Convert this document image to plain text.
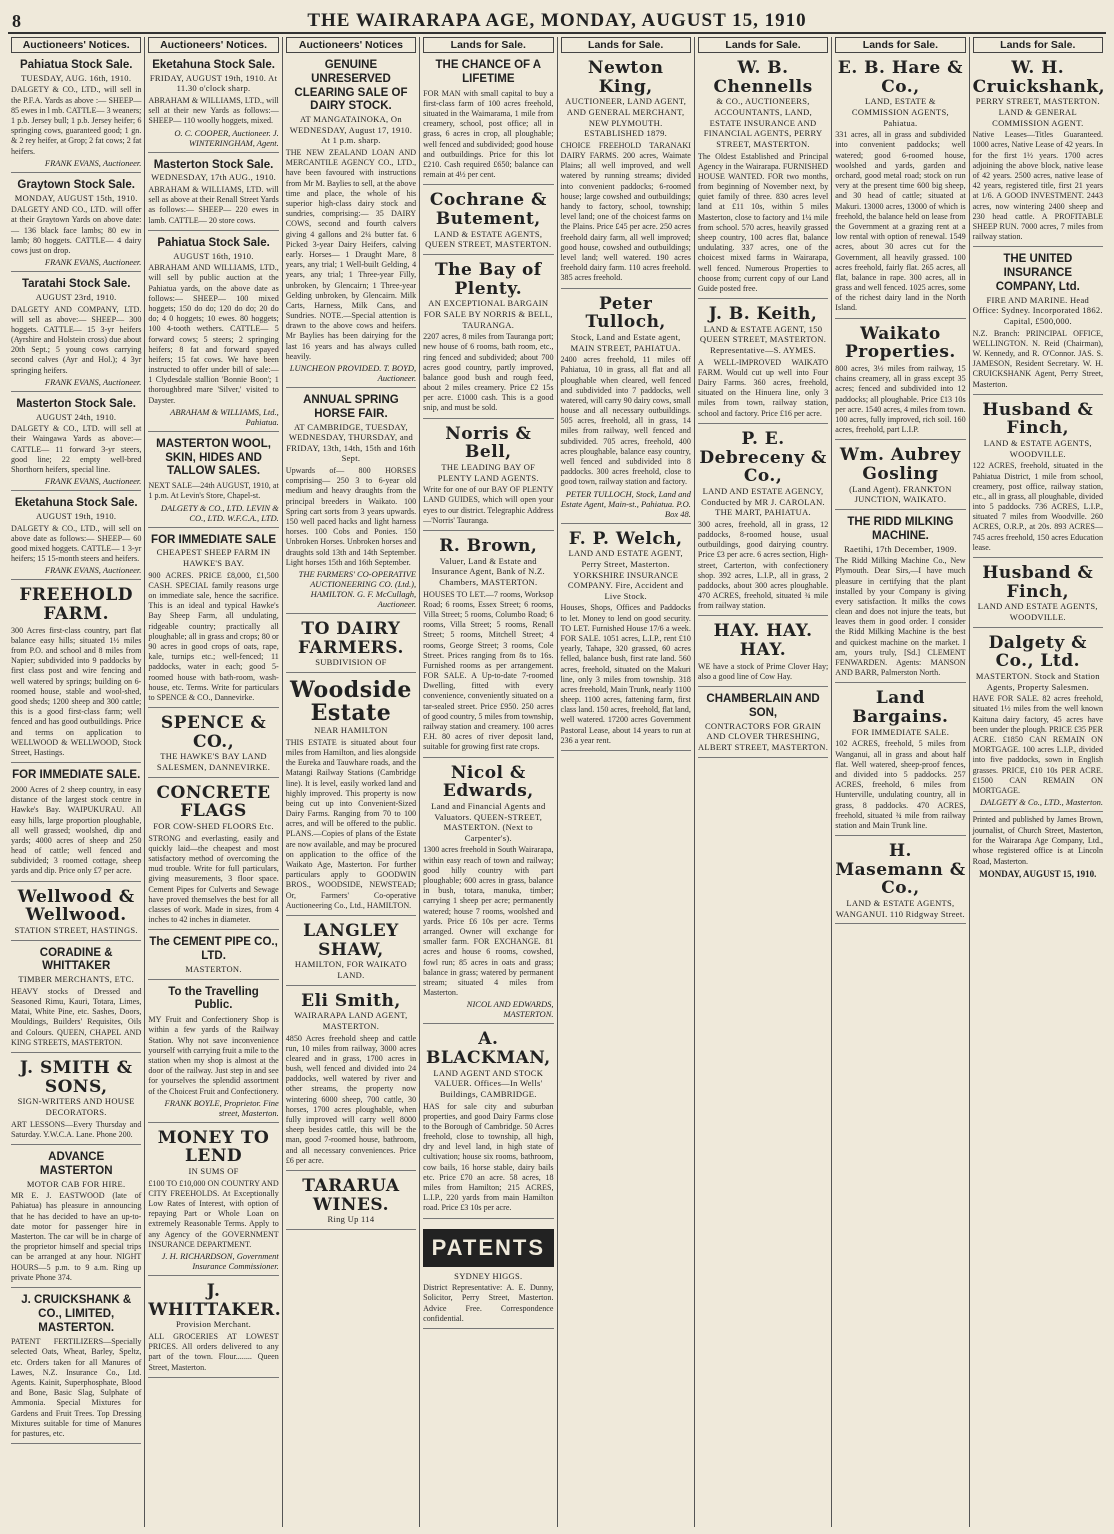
8	THE WAIRARAPA AGE, MONDAY, AUGUST 15, 1910
Auctioneers' Notices.
Pahiatua Stock Sale.
TUESDAY, AUG. 16th, 1910.
DALGETY & CO., LTD., will sell in the P.F.A. Yards as above :— SHEEP— 85 ewes in l mb. CATTLE— 3 weaners; 1 p.b. Jersey bull; 1 p.b. Jersey heifer; 6 springing cows, guaranteed good; 1 gn. & 2 rey heifer, at Grop; 2 fat cows; 2 fat heifers.
FRANK EVANS, Auctioneer.
Graytown Stock Sale.
MONDAY, AUGUST 15th, 1910.
DALGETY AND CO., LTD. will offer at their Graytown Yards on above date:— 136 black face lambs; 80 ew in lamb; 80 hoggets. CATTLE— 4 dairy cows just on drop.
FRANK EVANS, Auctioneer.
Taratahi Stock Sale.
AUGUST 23rd, 1910.
DALGETY AND COMPANY, LTD. will sell as above:— SHEEP— 300 hoggets. CATTLE— 15 3-yr heifers (Ayrshire and Holstein cross) due about 20th Sept.; 5 young cows carrying second calves (Ayr and Hol.); 4 3yr springing heifers.
FRANK EVANS, Auctioneer.
Masterton Stock Sale.
AUGUST 24th, 1910.
DALGETY & CO., LTD. will sell at their Waingawa Yards as above:— CATTLE— 11 forward 3-yr steers, good line; 22 empty well-bred Shorthorn heifers, special line.
FRANK EVANS, Auctioneer.
Eketahuna Stock Sale.
AUGUST 19th, 1910.
DALGETY & CO., LTD., will sell on above date as follows:— SHEEP— 60 good mixed hoggets. CATTLE— 1 3-yr heifers; 15 15-month steers and heifers.
FRANK EVANS, Auctioneer.
FREEHOLD FARM.
300 Acres first-class country, part flat balance easy hills; situated 1½ miles from P.O. and school and 8 miles from Napier; subdivided into 9 paddocks by first class post and wire fencing and well watered by springs; building on 6-roomed house, stable and wool-shed, good sheds; 1200 sheep and 300 cattle; this is a good first-class farm; well fenced and has good outbuildings. Price and terms on application to WELLWOOD & WELLWOOD, Stock Street, Hastings.
FOR IMMEDIATE SALE.
2000 Acres of 2 sheep country, in easy distance of the largest stock centre in Hawke's Bay. WAIPUKURAU. All easy hills, large proportion ploughable, all well grassed; woolshed, dip and yards; 4000 acres of sheep and 250 head of cattle; well fenced and subdivided; 3 roomed cottage, sheep yards and dip. Price only £7 per acre.
Wellwood & Wellwood.
STATION STREET, HASTINGS.
CORADINE & WHITTAKER
TIMBER MERCHANTS, ETC.
HEAVY stocks of Dressed and Seasoned Rimu, Kauri, Totara, Limes, Matai, White Pine, etc. Sashes, Doors, Mouldings, Builders' Requisites, Oils and Colours. QUEEN, CHAPEL AND KING STREETS, MASTERTON.
J. SMITH & SONS,
SIGN-WRITERS AND HOUSE DECORATORS.
ART LESSONS—Every Thursday and Saturday. Y.W.C.A. Lane. Phone 200.
ADVANCE MASTERTON
MOTOR CAB FOR HIRE.
MR E. J. EASTWOOD (late of Pahiatua) has pleasure in announcing that he has decided to have an up-to-date motor for passenger hire in Masterton. The car will be in charge of the proprietor himself and special trips can be arranged at any hour. NIGHT HOURS—5 p.m. to 9 a.m. Ring up private Phone 374.
J. CRUICKSHANK & CO., LIMITED, MASTERTON.
PATENT FERTILIZERS—Specially selected Oats, Wheat, Barley, Speltz, etc. Orders taken for all Manures of Lawes, N.Z. Insurance Co., Ltd. Agents. Kainit, Superphosphate, Blood and Bone, Basic Slag, Sulphate of Ammonia. Special Mixtures for Gardens and Fruit Trees. Top Dressing Mixtures suitable for time of Manures for pastures, etc.
Auctioneers' Notices.
Eketahuna Stock Sale.
FRIDAY, AUGUST 19th, 1910. At 11.30 o'clock sharp.
ABRAHAM & WILLIAMS, LTD., will sell at their new Yards as follows:— SHEEP— 110 woolly hoggets, mixed.
O. C. COOPER, Auctioneer. J. WINTERINGHAM, Agent.
Masterton Stock Sale.
WEDNESDAY, 17th AUG., 1910.
ABRAHAM & WILLIAMS, LTD. will sell as above at their Renall Street Yards as follows:— SHEEP— 220 ewes in lamb. CATTLE— 20 store cows.
Pahiatua Stock Sale.
AUGUST 16th, 1910.
ABRAHAM AND WILLIAMS, LTD., will sell by public auction at the Pahiatua yards, on the above date as follows:— SHEEP— 100 mixed hoggets; 150 do do; 120 do do; 20 do do; 4 0 hoggets; 10 ewes. 80 hoggets; 100 4-tooth wethers. CATTLE— 5 forward cows; 5 steers; 2 springing heifers; 8 fat and forward spayed heifers; 15 fat cows. We have been instructed to offer under bill of sale:— 1 Clydesdale stallion 'Bonnie Boon'; 1 thoroughbred mare 'Silver,' visited to Dayster.
ABRAHAM & WILLIAMS, Ltd., Pahiatua.
MASTERTON WOOL, SKIN, HIDES AND TALLOW SALES.
NEXT SALE—24th AUGUST, 1910, at 1 p.m. At Levin's Store, Chapel-st.
DALGETY & CO., LTD. LEVIN & CO., LTD. W.F.C.A., LTD.
FOR IMMEDIATE SALE
CHEAPEST SHEEP FARM IN HAWKE'S BAY.
900 ACRES. PRICE £8,000, £1,500 CASH. SPECIAL family reasons urge on immediate sale, hence the sacrifice. This is an ideal and typical Hawke's Bay Sheep Farm, all undulating, ridgeable country; practically all ploughable; all in grass and crops; 80 or 90 acres in good crops of oats, rape, kale, turnips etc.; well-fenced; 11 paddocks, water in each; good 5-roomed house with bath-room, wash-house, etc. Terms. Write for particulars to SPENCE & CO., Dannevirke.
SPENCE & CO.,
THE HAWKE'S BAY LAND SALESMEN, DANNEVIRKE.
CONCRETE FLAGS
FOR COW-SHED FLOORS Etc.
STRONG and everlasting, easily and quickly laid—the cheapest and most satisfactory method of overcoming the mud trouble. Write for full particulars, giving measurements, 3 floor space. Cement Pipes for Culverts and Sewage have proved themselves the best for all classes of work. Made in sizes, from 4 inches to 42 inches in diameter.
The CEMENT PIPE CO., LTD.
MASTERTON.
To the Travelling Public.
MY Fruit and Confectionery Shop is within a few yards of the Railway Station. Why not save inconvenience yourself with carrying fruit a mile to the station when my shop is almost at the door of the railway. Just step in and see for yourselves the splendid assortment of the Choicest Fruit and Confectionery.
FRANK BOYLE, Proprietor. Fine street, Masterton.
MONEY TO LEND
IN SUMS OF
£100 TO £10,000 ON COUNTRY AND CITY FREEHOLDS. At Exceptionally Low Rates of Interest, with option of repaying Part or Whole Loan on extremely Reasonable Terms. Apply to any Agency of the GOVERNMENT INSURANCE DEPARTMENT.
J. H. RICHARDSON, Government Insurance Commissioner.
J. WHITTAKER.
Provision Merchant.
ALL GROCERIES AT LOWEST PRICES. All orders delivered to any part of the town. Flour........ Queen Street, Masterton.
Auctioneers' Notices
GENUINE UNRESERVED CLEARING SALE OF DAIRY STOCK.
AT MANGATAINOKA, On WEDNESDAY, August 17, 1910. At 1 p.m. sharp.
THE NEW ZEALAND LOAN AND MERCANTILE AGENCY CO., LTD., have been favoured with instructions from Mr M. Baylies to sell, at the above time and place, the whole of his superior high-class dairy stock and sundries, comprising:— 35 DAIRY COWS, second and fourth calvers giving 4 gallons and 2¼ butter fat. 6 Picked 3-year Dairy Heifers, calving early. Horses— 1 Draught Mare, 8 years, any trial; 1 Well-built Gelding, 4 years, any trial; 1 Three-year Filly, unbroken, by Glencairn; 1 Three-year Gelding unbroken, by Glencairn. Milk Carts, Harness, Milk Cans, and Sundries. NOTE.—Special attention is drawn to the above cows and heifers. Mr Baylies has been dairying for the last 16 years and has always culled heavily.
LUNCHEON PROVIDED. T. BOYD, Auctioneer.
ANNUAL SPRING HORSE FAIR.
AT CAMBRIDGE, TUESDAY, WEDNESDAY, THURSDAY, and FRIDAY, 13th, 14th, 15th and 16th Sept.
Upwards of— 800 HORSES comprising— 250 3 to 6-year old medium and heavy draughts from the principal breeders in Waikato. 100 Spring cart sorts from 3 years upwards. 150 well paced hacks and light harness horses. 100 Cobs and Ponies. 150 Unbroken Horses. Unbroken horses and draughts sold 13th and 14th September. Light horses 15th and 16th September.
THE FARMERS' CO-OPERATIVE AUCTIONEERING CO. (Ltd.), HAMILTON. G. F. McCullagh, Auctioneer.
TO DAIRY FARMERS.
SUBDIVISION OF
Woodside Estate
NEAR HAMILTON
THIS ESTATE is situated about four miles from Hamilton, and lies alongside the Eureka and Tauwhare roads, and the Matangi Railway Stations (Cambridge line). It is level, easily worked land and highly improved. This property is now being cut up into Convenient-Sized Dairy Farms. Ranging from 70 to 100 acres, and will be offered to the public. PLANS.—Copies of plans of the Estate are now available, and may be procured on application to the office of the Waikato Age, Masterton. For further particulars apply to GOODWIN BROS., WOODSIDE, NEWSTEAD; Or, Farmers' Co-operative Auctioneering Co., Ltd., HAMILTON.
LANGLEY SHAW,
HAMILTON, FOR WAIKATO LAND.
Eli Smith,
WAIRARAPA LAND AGENT, MASTERTON.
4850 Acres freehold sheep and cattle run, 10 miles from railway, 3000 acres cleared and in grass, 1700 acres in bush, well fenced and divided into 24 paddocks, well watered by river and other streams, the property now wintering 6000 sheep, 700 cattle, 30 horses, 1700 acres ploughable, when fully improved will carry well 8000 sheep besides cattle, this will be the man, good 7-roomed house, bathroom, and all necessary conveniences. Price £6 per acre.
TARARUA WINES.
Ring Up 114
Lands for Sale.
THE CHANCE OF A LIFETIME
FOR MAN with small capital to buy a first-class farm of 100 acres freehold, situated in the Waimarama, 1 mile from creamery, school, post office; all in grass, 6 acres in crop, all ploughable; well fenced and subdivided; good house and outbuildings. Price for this lot £210. Cash required £650; balance can remain at 4½ per cent.
Cochrane & Butement,
LAND & ESTATE AGENTS, QUEEN STREET, MASTERTON.
The Bay of Plenty.
AN EXCEPTIONAL BARGAIN FOR SALE BY NORRIS & BELL, TAURANGA.
2207 acres, 8 miles from Tauranga port; new house of 6 rooms, bath room, etc., ring fenced and subdivided; about 700 acres good country, partly improved, balance good bush and rough feed, about 2 miles creamery. Price £2 15s per acre. £1000 cash. This is a good snip, and must be sold.
Norris & Bell,
THE LEADING BAY OF PLENTY LAND AGENTS.
Write for one of our BAY OF PLENTY LAND GUIDES, which will open your eyes to our district. Telegraphic Address—'Norris' Tauranga.
R. Brown,
Valuer, Land & Estate and Insurance Agent, Bank of N.Z. Chambers, MASTERTON.
HOUSES TO LET.—7 rooms, Worksop Road; 6 rooms, Essex Street; 6 rooms, Villa Street; 5 rooms, Columbo Road; 6 rooms, Villa Street; 5 rooms, Renall Street; 5 rooms, Mitchell Street; 4 rooms, George Street; 3 rooms, Cole Street. Prices ranging from 8s to 16s. Furnished rooms as per arrangement. FOR SALE. A Up-to-date 7-roomed Dwelling, fitted with every convenience, conveniently situated on a tar-sealed street. Price £950. 250 acres of good country, 5 miles from township, railway station and creamery. 100 acres F.H. 80 acres of river deposit land, suitable for growing first rate crops.
Nicol & Edwards,
Land and Financial Agents and Valuators. QUEEN-STREET, MASTERTON. (Next to Carpenter's).
1300 acres freehold in South Wairarapa, within easy reach of town and railway; good hilly country with part ploughable; 600 acres in grass, balance in bush, totara, manuka, timber; carrying 1 sheep per acre; permanently watered; house 7 rooms, woolshed and yards. Price £6 10s per acre. Terms arranged. Owner will exchange for smaller farm. FOR EXCHANGE. 81 acres and house 6 rooms, cowshed, fowl run; 85 acres in oats and grass; balance in grass; watered by permanent stream; situated 4 miles from Masterton.
NICOL AND EDWARDS, MASTERTON.
A. BLACKMAN,
LAND AGENT AND STOCK VALUER. Offices—In Wells' Buildings, CAMBRIDGE.
HAS for sale city and suburban properties, and good Dairy Farms close to the Borough of Cambridge. 50 Acres freehold, close to township, all high, dry and level land, in high state of cultivation; house six rooms, bathroom, cow bails, 16 horse stable, dairy bails etc. Price £70 an acre. 58 acres, 18 miles from Hamilton; 215 ACRES, L.I.P., 220 yards from main Hamilton road. Price £3 10s per acre.
PATENTS
SYDNEY HIGGS.
District Representative: A. E. Dunny, Solicitor, Perry Street, Masterton. Advice Free. Correspondence confidential.
Lands for Sale.
Newton King,
AUCTIONEER, LAND AGENT, AND GENERAL MERCHANT, NEW PLYMOUTH. ESTABLISHED 1879.
CHOICE FREEHOLD TARANAKI DAIRY FARMS. 200 acres, Waimate Plains; all well improved, and well watered by running streams; divided into convenient paddocks; 6-roomed house; large cowshed and outbuildings; handy to factory, school, township; level land; one of the choicest farms on the Plains. Price £45 per acre. 250 acres freehold dairy farm, all well improved; good house, cowshed and outbuildings; level land; well watered. 190 acres freehold dairy farm. 110 acres freehold. 385 acres freehold.
Peter Tulloch,
Stock, Land and Estate agent, MAIN STREET, PAHIATUA.
2400 acres freehold, 11 miles off Pahiatua, 10 in grass, all flat and all ploughable when cleared, well fenced and subdivided into 7 paddocks, well watered, will carry 90 dairy cows, small house and all necessary outbuildings. 505 acres, freehold, all in grass, 14 miles from railway, well fenced and subdivided. 705 acres, freehold, 400 acres ploughable, balance easy country, well fenced and subdivided into 8 paddocks. 300 acres freehold, close to good town, railway station and factory.
PETER TULLOCH, Stock, Land and Estate Agent, Main-st., Pahiatua. P.O. Box 48.
F. P. Welch,
LAND AND ESTATE AGENT, Perry Street, Masterton. YORKSHIRE INSURANCE COMPANY. Fire, Accident and Live Stock.
Houses, Shops, Offices and Paddocks to let. Money to lend on good security. TO LET. Furnished House 17/6 a week. FOR SALE. 1051 acres, L.I.P., rent £10 yearly, Tahape, 320 grassed, 60 acres felled, balance bush, first rate land. 560 acres, freehold, situated on the Makuri line, only 3 miles from township. 318 acres freehold, Main Trunk, nearly 1100 sheep. 1100 acres, fattening farm, first class land. 150 acres, freehold, flat land, well watered. 17200 acres Government Pastoral Lease, about 14 years to run at 236 a year rent.
Lands for Sale.
W. B. Chennells
& CO., AUCTIONEERS, ACCOUNTANTS, LAND, ESTATE INSURANCE AND FINANCIAL AGENTS, PERRY STREET, MASTERTON.
The Oldest Established and Principal Agency in the Wairarapa. FURNISHED HOUSE WANTED. FOR two months, from beginning of November next, by quiet family of three. 830 acres level land at £11 10s, within 5 miles Masterton, close to factory and 1¼ mile from school. 570 acres, heavily grassed sheep country, 100 acres flat, balance undulating. 337 acres, one of the choicest mixed farms in Wairarapa, well fenced. Numerous Properties to choose from; current copy of our Land Guide posted free.
J. B. Keith,
LAND & ESTATE AGENT, 150 QUEEN STREET, MASTERTON. Representative—S. AYMES.
A WELL-IMPROVED WAIKATO FARM. Would cut up well into Four Dairy Farms. 360 acres, freehold, situated on the Hinuera line, only 3 miles from town, railway station, school and factory. Price £16 per acre.
P. E. Debreceny & Co.,
LAND AND ESTATE AGENCY, Conducted by MR J. CAROLAN. THE MART, PAHIATUA.
300 acres, freehold, all in grass, 12 paddocks, 8-roomed house, usual outbuildings, good dairying country. Price £3 per acre. 6 acres section, High-street, Carterton, with confectionery shop. 392 acres, L.I.P., all in grass, 2 paddocks, about 300 acres ploughable. 470 ACRES, freehold, situated ¾ mile from railway station.
HAY. HAY. HAY.
WE have a stock of Prime Clover Hay; also a good line of Cow Hay.
CHAMBERLAIN AND SON,
CONTRACTORS FOR GRAIN AND CLOVER THRESHING, ALBERT STREET, MASTERTON.
Lands for Sale.
E. B. Hare & Co.,
LAND, ESTATE & COMMISSION AGENTS, Pahiatua.
331 acres, all in grass and subdivided into convenient paddocks; well watered; good 6-roomed house, woolshed and yards, garden and orchard, good metal road; stock on run very at the present time 600 big sheep, and 30 head of cattle; situated at Makuri. 13000 acres, 13000 of which is freehold, the balance held on lease from the Government at a grazing rent at a low rental with option of renewal. 1549 acres, about 30 acres cut for the Government, all heavily grassed. 100 acres freehold, fairly flat. 265 acres, all flat, balance in rape. 300 acres, all in grass and well fenced. 1025 acres, some of the richest dairy land in the North Island.
Waikato Properties.
800 acres, 3½ miles from railway, 15 chains creamery, all in grass except 35 acres; fenced and subdivided into 12 paddocks; all ploughable. Price £13 10s per acre. 1540 acres, 4 miles from town. 100 acres, fully improved, rich soil. 160 acres, freehold, part L.I.P.
Wm. Aubrey Gosling
(Land Agent). FRANKTON JUNCTION, WAIKATO.
THE RIDD MILKING MACHINE.
Raetihi, 17th December, 1909.
The Ridd Milking Machine Co., New Plymouth. Dear Sirs,—I have much pleasure in certifying that the plant installed by your Company is giving every satisfaction. It milks the cows clean and does not injure the teats, but leaves them in good order. I consider the Ridd Milking Machine is the best and quickest machine on the market. I am, yours truly, [Sd.] CLEMENT FENWARDEN. Agents: MANSON AND BARR, Palmerston North.
Land Bargains.
FOR IMMEDIATE SALE.
102 ACRES, freehold, 5 miles from Wanganui, all in grass and about half flat. Well watered, sheep-proof fences, and divided into 5 paddocks. 257 ACRES, freehold, 6 miles from Hunterville, undulating country, all in grass, 8 paddocks. 470 ACRES, freehold, situated ¾ mile from railway station and Main Trunk line.
H. Masemann & Co.,
LAND & ESTATE AGENTS, WANGANUI. 110 Ridgway Street.
Lands for Sale.
W. H. Cruickshank,
PERRY STREET, MASTERTON. LAND & GENERAL COMMISSION AGENT.
Native Leases—Titles Guaranteed. 1000 acres, Native Lease of 42 years. In for the first 1½ years. 1700 acres adjoining the above block, native lease of 42 years. 2500 acres, native lease of 42 years, registered title, first 21 years at 1/6. A GOOD INVESTMENT. 2443 acres, now wintering 2400 sheep and 230 head cattle. A PROFITABLE SHEEP RUN. 7000 acres, 7 miles from railway station.
THE UNITED INSURANCE COMPANY, Ltd.
FIRE AND MARINE. Head Office: Sydney. Incorporated 1862. Capital, £500,000.
N.Z. Branch: PRINCIPAL OFFICE, WELLINGTON. N. Reid (Chairman), W. Kennedy, and R. O'Connor. JAS. S. JAMESON, Resident Secretary. W. H. CRUICKSHANK Agent, Perry Street, Masterton.
Husband & Finch,
LAND & ESTATE AGENTS, WOODVILLE.
122 ACRES, freehold, situated in the Pahiatua District, 1 mile from school, creamery, post office, railway station, etc., all in grass, all ploughable, divided into 5 paddocks. 736 ACRES, L.I.P., situated 7 miles from Woodville. 260 ACRES, O.R.P., at 20s. 893 ACRES—745 acres freehold, 150 acres Education lease.
Husband & Finch,
LAND AND ESTATE AGENTS, WOODVILLE.
Dalgety & Co., Ltd.
MASTERTON. Stock and Station Agents, Property Salesmen.
HAVE FOR SALE. 82 acres freehold, situated 1½ miles from the well known Kaituna dairy factory, 45 acres have been under the plough. PRICE £35 PER ACRE. £1850 CAN REMAIN ON MORTGAGE. 100 acres L.I.P., divided into five paddocks, sown in English grasses. PRICE, £10 10s PER ACRE. £1500 CAN REMAIN ON MORTGAGE.
DALGETY & Co., LTD., Masterton.
Printed and published by James Brown, journalist, of Church Street, Masterton, for the Wairarapa Age Company, Ltd., whose registered office is at Lincoln Road, Masterton.
MONDAY, AUGUST 15, 1910.
